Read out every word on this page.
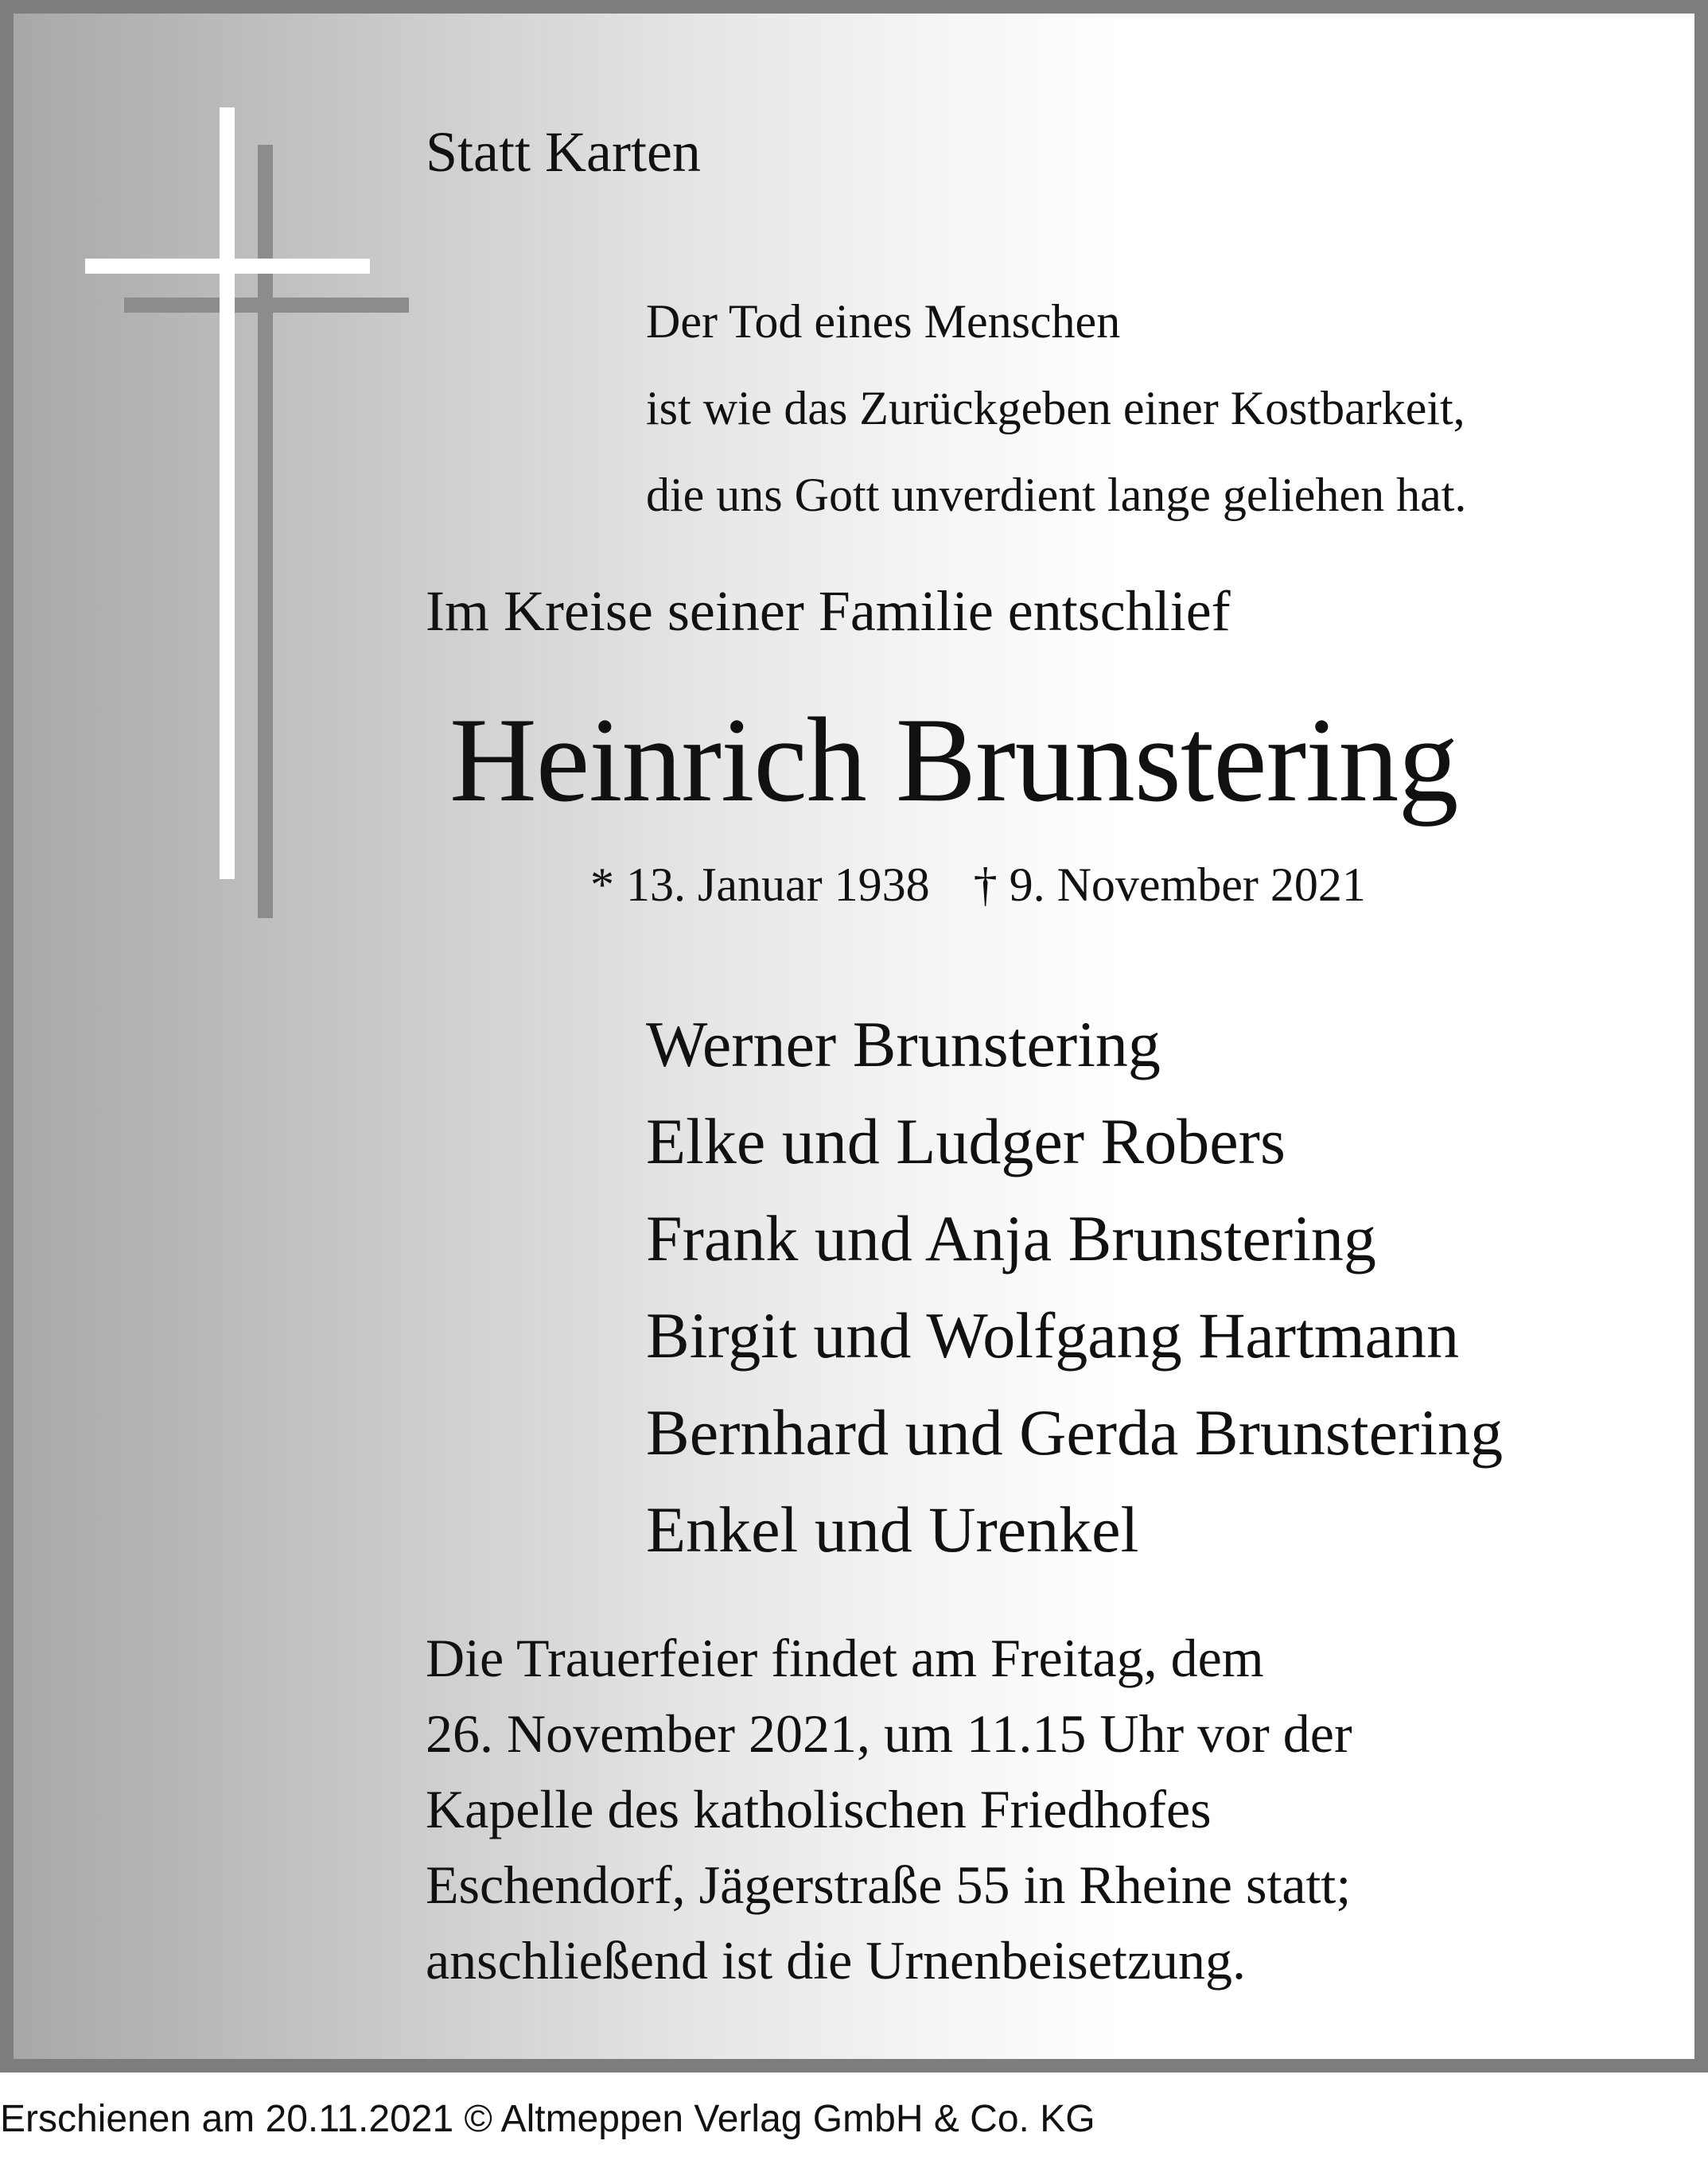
Statt Karten
Der Tod eines Menschen
ist wie das Zurückgeben einer Kostbarkeit,
die uns Gott unverdient lange geliehen hat.
Im Kreise seiner Familie entschlief
Heinrich Brunstering
* 13. Januar 1938 † 9. November 2021
Werner Brunstering
Elke und Ludger Robers
Frank und Anja Brunstering
Birgit und Wolfgang Hartmann
Bernhard und Gerda Brunstering
Enkel und Urenkel
Die Trauerfeier findet am Freitag, dem
26. November 2021, um 11.15 Uhr vor der
Kapelle des katholischen Friedhofes
Eschendorf, Jägerstraße 55 in Rheine statt;
anschließend ist die Urnenbeisetzung.
Erschienen am 20.11.2021 © Altmeppen Verlag GmbH & Co. KG
